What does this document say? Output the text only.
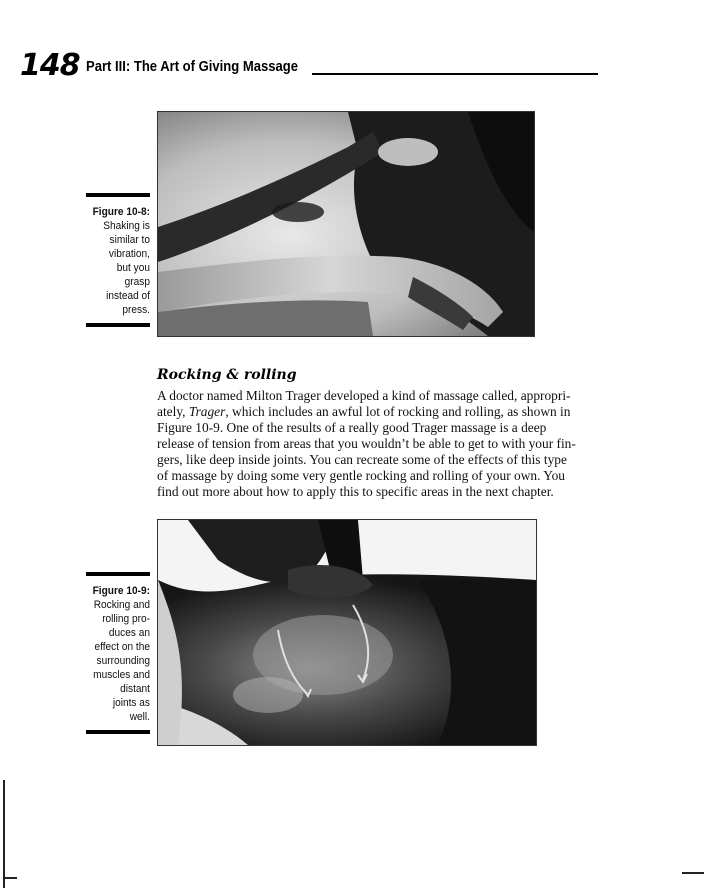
148 Part III: The Art of Giving Massage
Figure 10-8:
Shaking is
similar to
vibration,
but you
grasp
instead of
press.
Rocking & rolling
A doctor named Milton Trager developed a kind of massage called, appropri-
ately, Trager, which includes an awful lot of rocking and rolling, as shown in
Figure 10-9. One of the results of a really good Trager massage is a deep
release of tension from areas that you wouldn’t be able to get to with your fin-
gers, like deep inside joints. You can recreate some of the effects of this type
of massage by doing some very gentle rocking and rolling of your own. You
find out more about how to apply this to specific areas in the next chapter.
Figure 10-9:
Rocking and
rolling pro-
duces an
effect on the
surrounding
muscles and
distant
joints as
well.
